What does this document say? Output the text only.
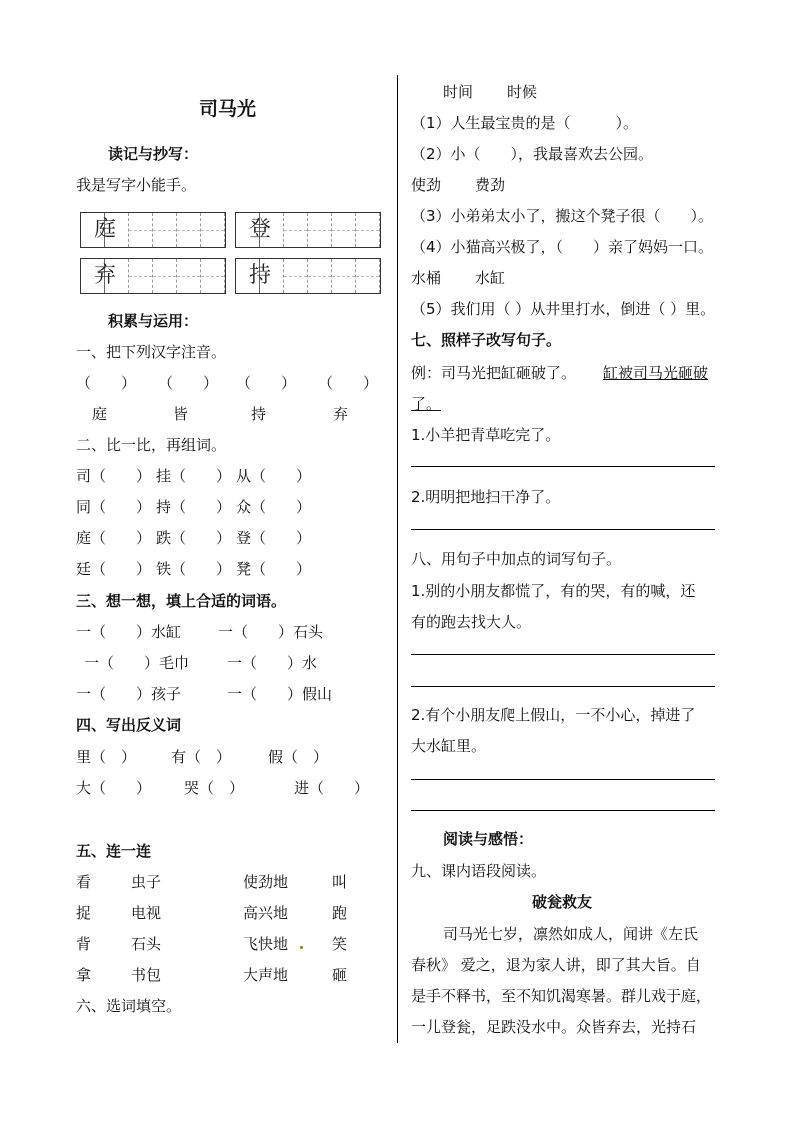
司马光
读记与抄写：
我是写字小能手。
庭	登
弃	持
积累与运用：
一、把下列汉字注音。
（　　） （　　） （　　） （　　）
庭	皆	持	弃
二、比一比，再组词。
司（　　） 挂（　　） 从（　　）
同（　　） 持（　　） 众（　　）
庭（　　） 跌（　　） 登（　　）
廷（　　） 铁（　　） 凳（　　）
三、想一想，填上合适的词语。
一（　　）水缸 一（　　）石头
一（　　）毛巾	一（　　）水
一（　　）孩子	一（　　）假山
四、写出反义词
里（　） 有（　） 假（　）
大（　　） 哭（　）	进（　　）
五、连一连
看	虫子	使劲地	叫
捉	电视	高兴地	跑
背	石头	飞快地	笑
拿	书包	大声地	砸
六、选词填空。
时间 时候
（1）人生最宝贵的是（　　　）。
（2）小（　　），我最喜欢去公园。
使劲 费劲
（3）小弟弟太小了，搬这个凳子很（　　）。
（4）小猫高兴极了，（　　）亲了妈妈一口。
水桶 水缸
（5）我们用（ ）从井里打水，倒进（ ）里。
七、照样子改写句子。
例：司马光把缸砸破了。 缸被司马光砸破
了。
1.小羊把青草吃完了。
2.明明把地扫干净了。
八、用句子中加点的词写句子。
1.别的小朋友都慌了，有的哭，有的喊，还
有的跑去找大人。
2.有个小朋友爬上假山，一不小心，掉进了
大水缸里。
阅读与感悟：
九、课内语段阅读。
破瓮救友
司马光七岁，凛然如成人，闻讲《左氏
春秋》 爱之，退为家人讲，即了其大旨。自
是手不释书，至不知饥渴寒暑。群儿戏于庭，
一儿登瓮，足跌没水中。众皆弃去，光持石
